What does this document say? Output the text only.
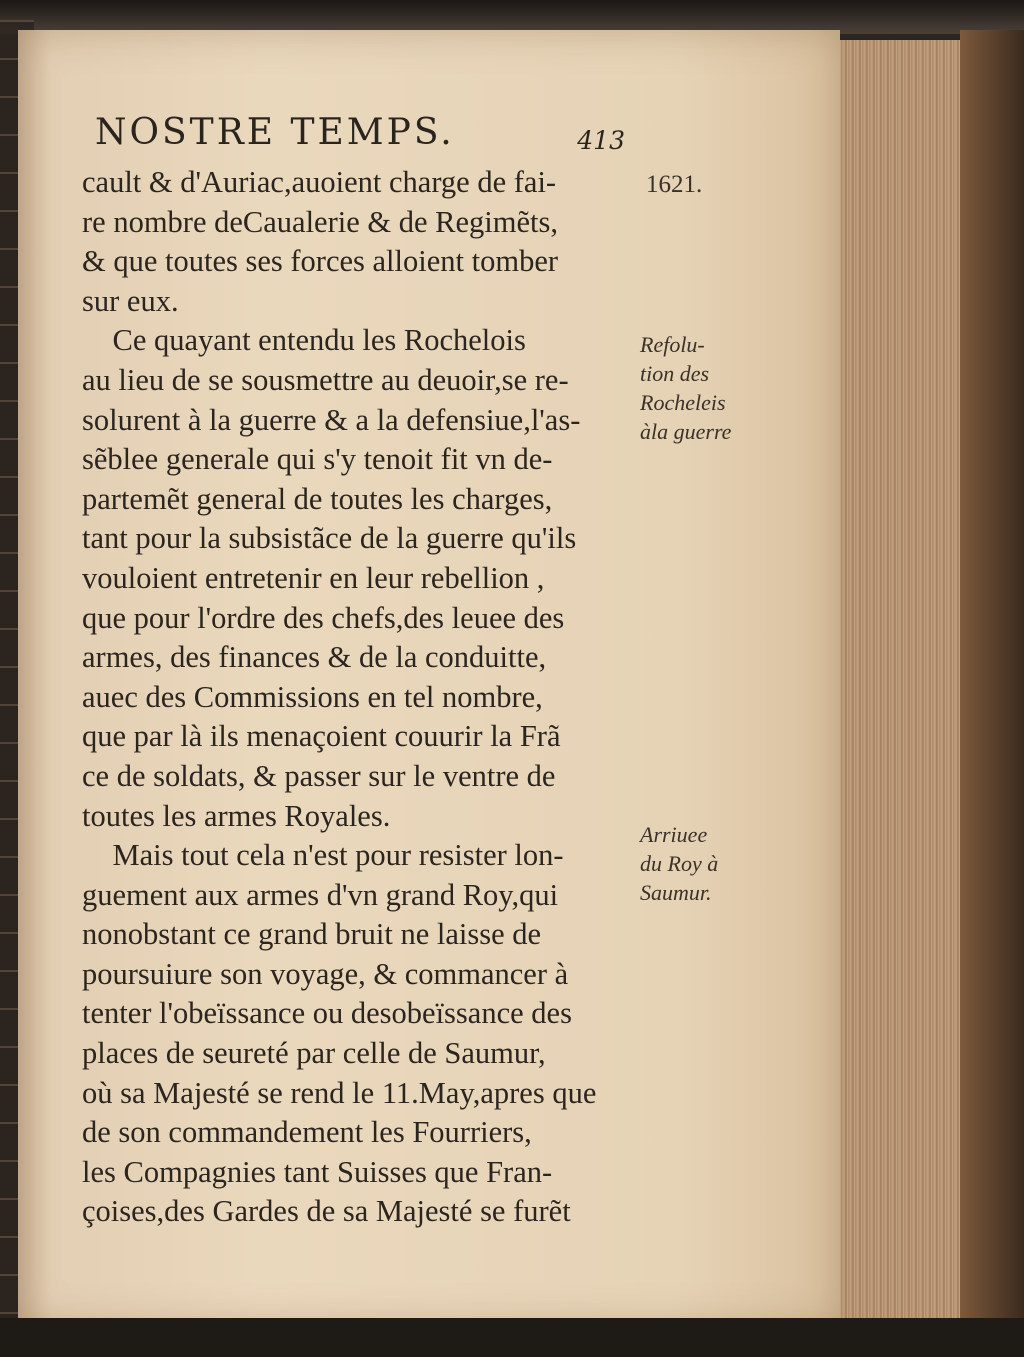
NOSTRE TEMPS.	413
1621.
Refolu-
tion des
Rocheleis
àla guerre
Arriuee
du Roy à
Saumur.
cault & d'Auriac,auoient charge de fai-
re nombre deCaualerie & de Regimẽts,
& que toutes ses forces alloient tomber
sur eux.
Ce quayant entendu les Rochelois
au lieu de se sousmettre au deuoir,se re-
solurent à la guerre & a la defensiue,l'as-
sẽblee generale qui s'y tenoit fit vn de-
partemẽt general de toutes les charges,
tant pour la subsistãce de la guerre qu'ils
vouloient entretenir en leur rebellion ,
que pour l'ordre des chefs,des leuee des
armes, des finances & de la conduitte,
auec des Commissions en tel nombre,
que par là ils menaçoient couurir la Frã
ce de soldats, & passer sur le ventre de
toutes les armes Royales.
Mais tout cela n'est pour resister lon-
guement aux armes d'vn grand Roy,qui
nonobstant ce grand bruit ne laisse de
poursuiure son voyage, & commancer à
tenter l'obeïssance ou desobeïssance des
places de seureté par celle de Saumur,
où sa Majesté se rend le 11.May,apres que
de son commandement les Fourriers,
les Compagnies tant Suisses que Fran-
çoises,des Gardes de sa Majesté se furẽt
